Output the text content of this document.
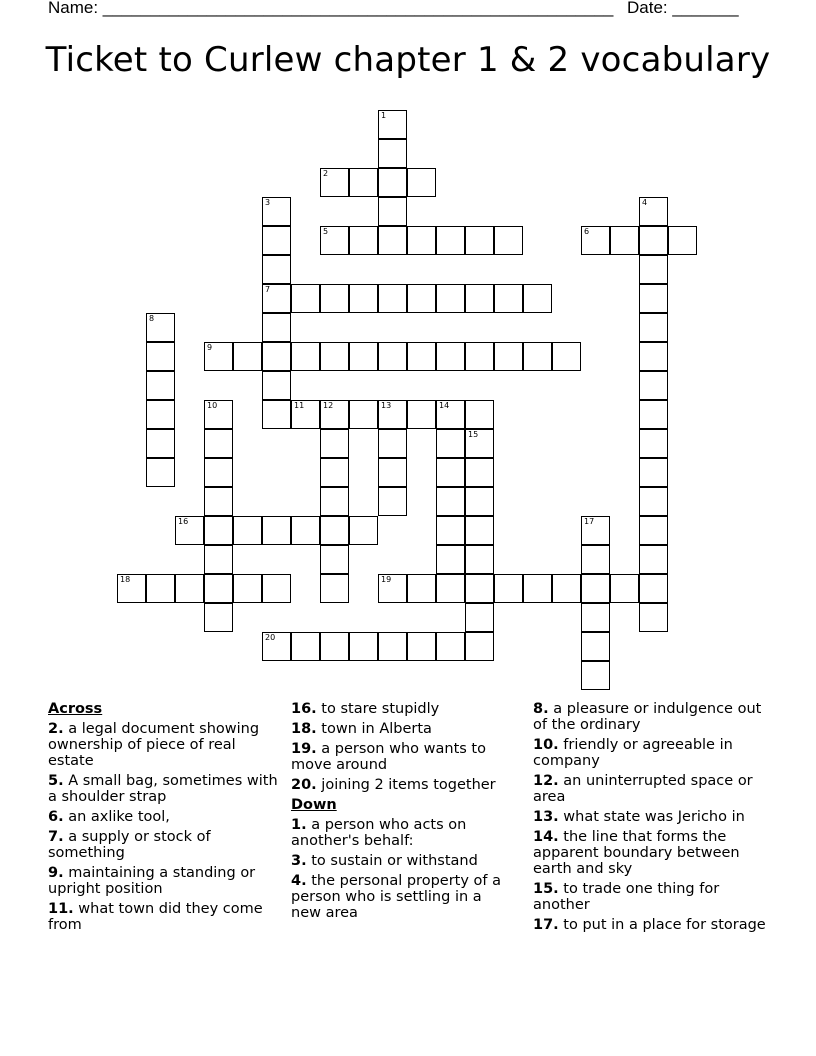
Name: ______________________________________________________ Date: _______
Ticket to Curlew chapter 1 & 2 vocabulary
2
5	6
7
9
11 12	13	14
16
18	19
20
1
3	4
8
10
15
17
Across
2. a legal document showing ownership of piece of real estate
5. A small bag, sometimes with a shoulder strap
6. an axlike tool,
7. a supply or stock of something
9. maintaining a standing or upright position
11. what town did they come from
16. to stare stupidly
18. town in Alberta
19. a person who wants to move around
20. joining 2 items together
Down
1. a person who acts on another's behalf:
3. to sustain or withstand
4. the personal property of a person who is settling in a new area
8. a pleasure or indulgence out of the ordinary
10. friendly or agreeable in company
12. an uninterrupted space or area
13. what state was Jericho in
14. the line that forms the apparent boundary between earth and sky
15. to trade one thing for another
17. to put in a place for storage
